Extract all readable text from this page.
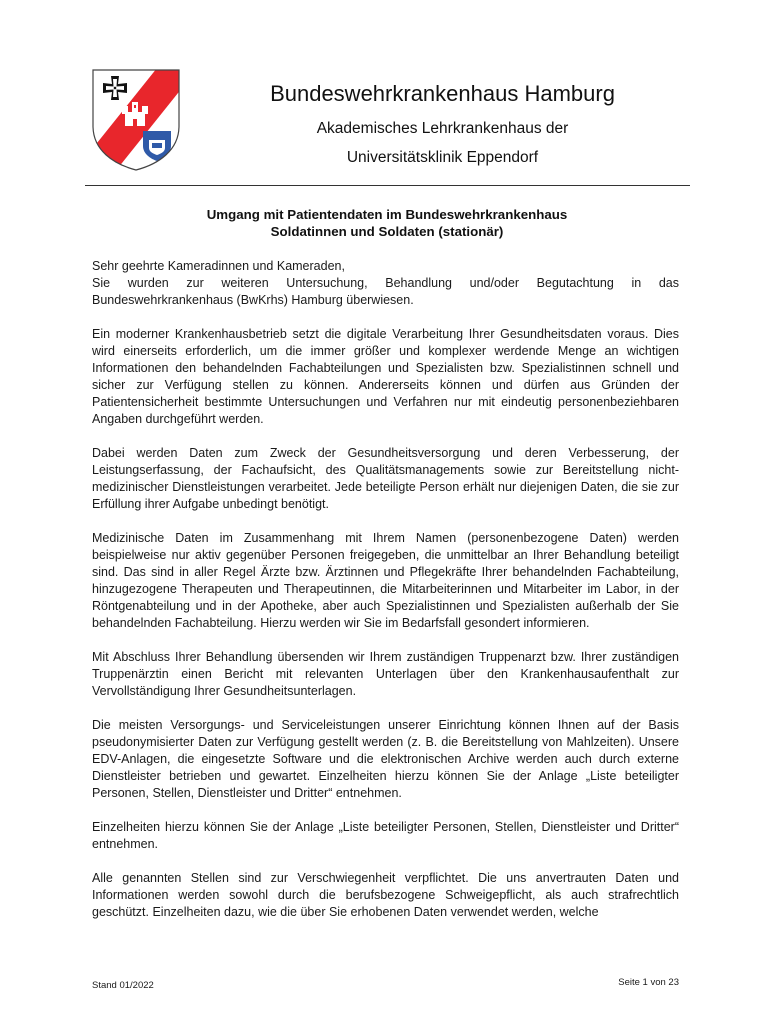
Bundeswehrkrankenhaus Hamburg
Akademisches Lehrkrankenhaus der
Universitätsklinik Eppendorf
Umgang mit Patientendaten im Bundeswehrkrankenhaus
Soldatinnen und Soldaten (stationär)

Sehr geehrte Kameradinnen und Kameraden,
Sie wurden zur weiteren Untersuchung, Behandlung und/oder Begutachtung in das
Bundeswehrkrankenhaus (BwKrhs) Hamburg überwiesen.

Ein moderner Krankenhausbetrieb setzt die digitale Verarbeitung Ihrer Gesundheitsdaten voraus. Dies wird einerseits erforderlich, um die immer größer und komplexer werdende Menge an wichtigen Informationen den behandelnden Fachabteilungen und Spezialisten bzw. Spezialistinnen schnell und sicher zur Verfügung stellen zu können. Andererseits können und dürfen aus Gründen der Patientensicherheit bestimmte Untersuchungen und Verfahren nur mit eindeutig personenbeziehbaren Angaben durchgeführt werden.

Dabei werden Daten zum Zweck der Gesundheitsversorgung und deren Verbesserung, der Leistungserfassung, der Fachaufsicht, des Qualitätsmanagements sowie zur Bereitstellung nicht-medizinischer Dienstleistungen verarbeitet. Jede beteiligte Person erhält nur diejenigen Daten, die sie zur Erfüllung ihrer Aufgabe unbedingt benötigt.

Medizinische Daten im Zusammenhang mit Ihrem Namen (personenbezogene Daten) werden beispielweise nur aktiv gegenüber Personen freigegeben, die unmittelbar an Ihrer Behandlung beteiligt sind. Das sind in aller Regel Ärzte bzw. Ärztinnen und Pflegekräfte Ihrer behandelnden Fachabteilung, hinzugezogene Therapeuten und Therapeutinnen, die Mitarbeiterinnen und Mitarbeiter im Labor, in der Röntgenabteilung und in der Apotheke, aber auch Spezialistinnen und Spezialisten außerhalb der Sie behandelnden Fachabteilung. Hierzu werden wir Sie im Bedarfsfall gesondert informieren.

Mit Abschluss Ihrer Behandlung übersenden wir Ihrem zuständigen Truppenarzt bzw. Ihrer zuständigen Truppenärztin einen Bericht mit relevanten Unterlagen über den Krankenhausaufenthalt zur Vervollständigung Ihrer Gesundheitsunterlagen.

Die meisten Versorgungs- und Serviceleistungen unserer Einrichtung können Ihnen auf der Basis pseudonymisierter Daten zur Verfügung gestellt werden (z. B. die Bereitstellung von Mahlzeiten). Unsere EDV-Anlagen, die eingesetzte Software und die elektronischen Archive werden auch durch externe Dienstleister betrieben und gewartet. Einzelheiten hierzu können Sie der Anlage „Liste beteiligter Personen, Stellen, Dienstleister und Dritter“ entnehmen.

Einzelheiten hierzu können Sie der Anlage „Liste beteiligter Personen, Stellen, Dienstleister und Dritter“ entnehmen.

Alle genannten Stellen sind zur Verschwiegenheit verpflichtet. Die uns anvertrauten Daten und Informationen werden sowohl durch die berufsbezogene Schweigepflicht, als auch strafrechtlich geschützt. Einzelheiten dazu, wie die über Sie erhobenen Daten verwendet werden, welche

Stand 01/2022	Seite 1 von 23
